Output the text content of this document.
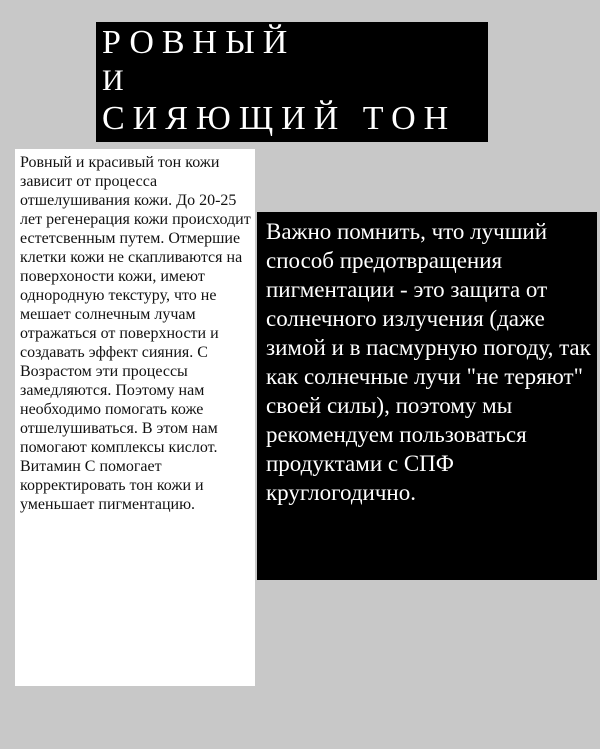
РОВНЫЙ
И
СИЯЮЩИЙ ТОН
Ровный и красивый тон кожи зависит от процесса отшелушивания кожи. До 20-25 лет регенерация кожи происходит естетсвенным путем. Отмершие клетки кожи не скапливаются на поверхоности кожи, имеют однородную текстуру, что не мешает солнечным лучам отражаться от поверхности и создавать эффект сияния. С Возрастом эти процессы замедляются. Поэтому нам необходимо помогать коже отшелушиваться. В этом нам помогают комплексы кислот. Витамин С помогает корректировать тон кожи и уменьшает пигментацию.
Важно помнить, что лучший способ предотвращения пигментации - это защита от солнечного излучения (даже зимой и в пасмурную погоду, так как солнечные лучи "не теряют" своей силы), поэтому мы рекомендуем пользоваться продуктами с СПФ круглогодично.
